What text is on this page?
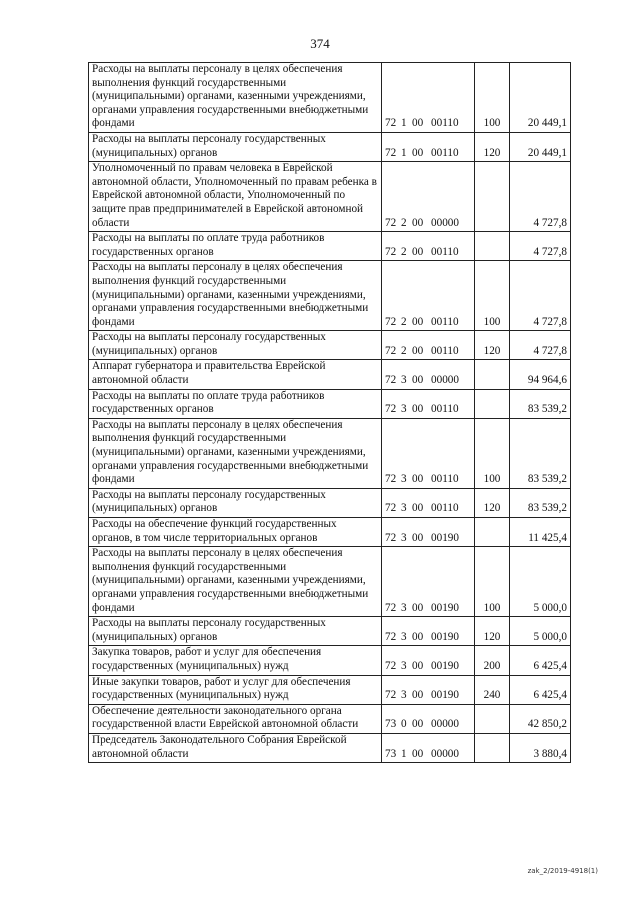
374
Расходы на выплаты персоналу в целях обеспечения выполнения функций государственными (муниципальными) органами, казенными учреждениями, органами управления государственными внебюджетными фондами	72 1 00 00110	100	20 449,1
Расходы на выплаты персоналу государственных (муниципальных) органов	72 1 00 00110	120	20 449,1
Уполномоченный по правам человека в Еврейской автономной области, Уполномоченный по правам ребенка в Еврейской автономной области, Уполномоченный по защите прав предпринимателей в Еврейской автономной области	72 2 00 00000		4 727,8
Расходы на выплаты по оплате труда работников государственных органов	72 2 00 00110		4 727,8
Расходы на выплаты персоналу в целях обеспечения выполнения функций государственными (муниципальными) органами, казенными учреждениями, органами управления государственными внебюджетными фондами	72 2 00 00110	100	4 727,8
Расходы на выплаты персоналу государственных (муниципальных) органов	72 2 00 00110	120	4 727,8
Аппарат губернатора и правительства Еврейской автономной области	72 3 00 00000		94 964,6
Расходы на выплаты по оплате труда работников государственных органов	72 3 00 00110		83 539,2
Расходы на выплаты персоналу в целях обеспечения выполнения функций государственными (муниципальными) органами, казенными учреждениями, органами управления государственными внебюджетными фондами	72 3 00 00110	100	83 539,2
Расходы на выплаты персоналу государственных (муниципальных) органов	72 3 00 00110	120	83 539,2
Расходы на обеспечение функций государственных органов, в том числе территориальных органов	72 3 00 00190		11 425,4
Расходы на выплаты персоналу в целях обеспечения выполнения функций государственными (муниципальными) органами, казенными учреждениями, органами управления государственными внебюджетными фондами	72 3 00 00190	100	5 000,0
Расходы на выплаты персоналу государственных (муниципальных) органов	72 3 00 00190	120	5 000,0
Закупка товаров, работ и услуг для обеспечения государственных (муниципальных) нужд	72 3 00 00190	200	6 425,4
Иные закупки товаров, работ и услуг для обеспечения государственных (муниципальных) нужд	72 3 00 00190	240	6 425,4
Обеспечение деятельности законодательного органа государственной власти Еврейской автономной области	73 0 00 00000		42 850,2
Председатель Законодательного Собрания Еврейской автономной области	73 1 00 00000		3 880,4
zak_2/2019-4918(1)
